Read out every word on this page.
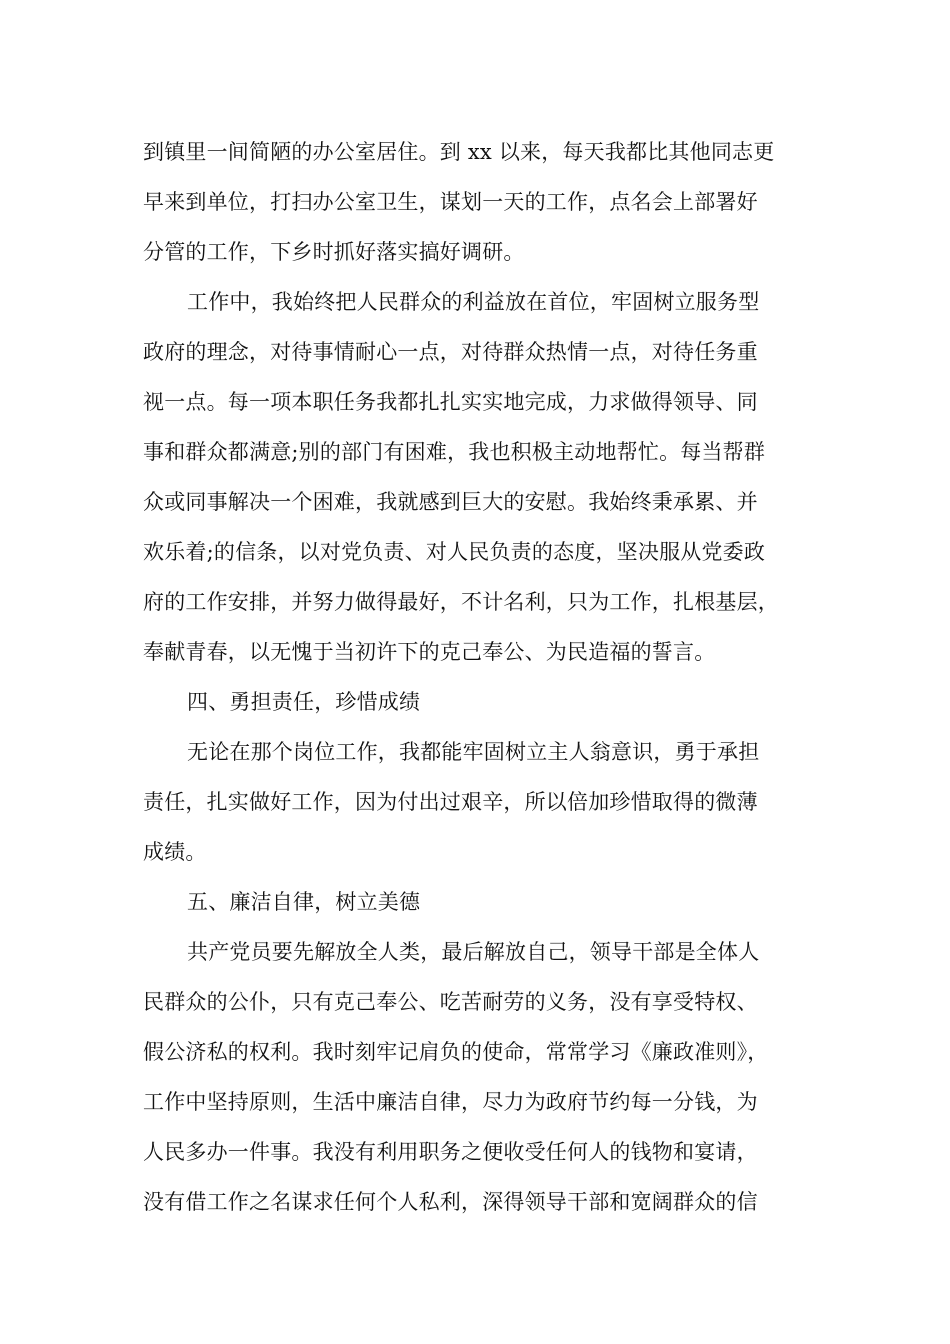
到镇里一间简陋的办公室居住。到 xx 以来，每天我都比其他同志更

早来到单位，打扫办公室卫生，谋划一天的工作，点名会上部署好

分管的工作，下乡时抓好落实搞好调研。

工作中，我始终把人民群众的利益放在首位，牢固树立服务型

政府的理念，对待事情耐心一点，对待群众热情一点，对待任务重

视一点。每一项本职任务我都扎扎实实地完成，力求做得领导、同

事和群众都满意;别的部门有困难，我也积极主动地帮忙。每当帮群

众或同事解决一个困难，我就感到巨大的安慰。我始终秉承累、并

欢乐着;的信条，以对党负责、对人民负责的态度，坚决服从党委政

府的工作安排，并努力做得最好，不计名利，只为工作，扎根基层，

奉献青春，以无愧于当初许下的克己奉公、为民造福的誓言。

四、勇担责任，珍惜成绩

无论在那个岗位工作，我都能牢固树立主人翁意识，勇于承担

责任，扎实做好工作，因为付出过艰辛，所以倍加珍惜取得的微薄

成绩。

五、廉洁自律，树立美德

共产党员要先解放全人类，最后解放自己，领导干部是全体人

民群众的公仆，只有克己奉公、吃苦耐劳的义务，没有享受特权、

假公济私的权利。我时刻牢记肩负的使命，常常学习《廉政准则》，

工作中坚持原则，生活中廉洁自律，尽力为政府节约每一分钱，为

人民多办一件事。我没有利用职务之便收受任何人的钱物和宴请，

没有借工作之名谋求任何个人私利，深得领导干部和宽阔群众的信
